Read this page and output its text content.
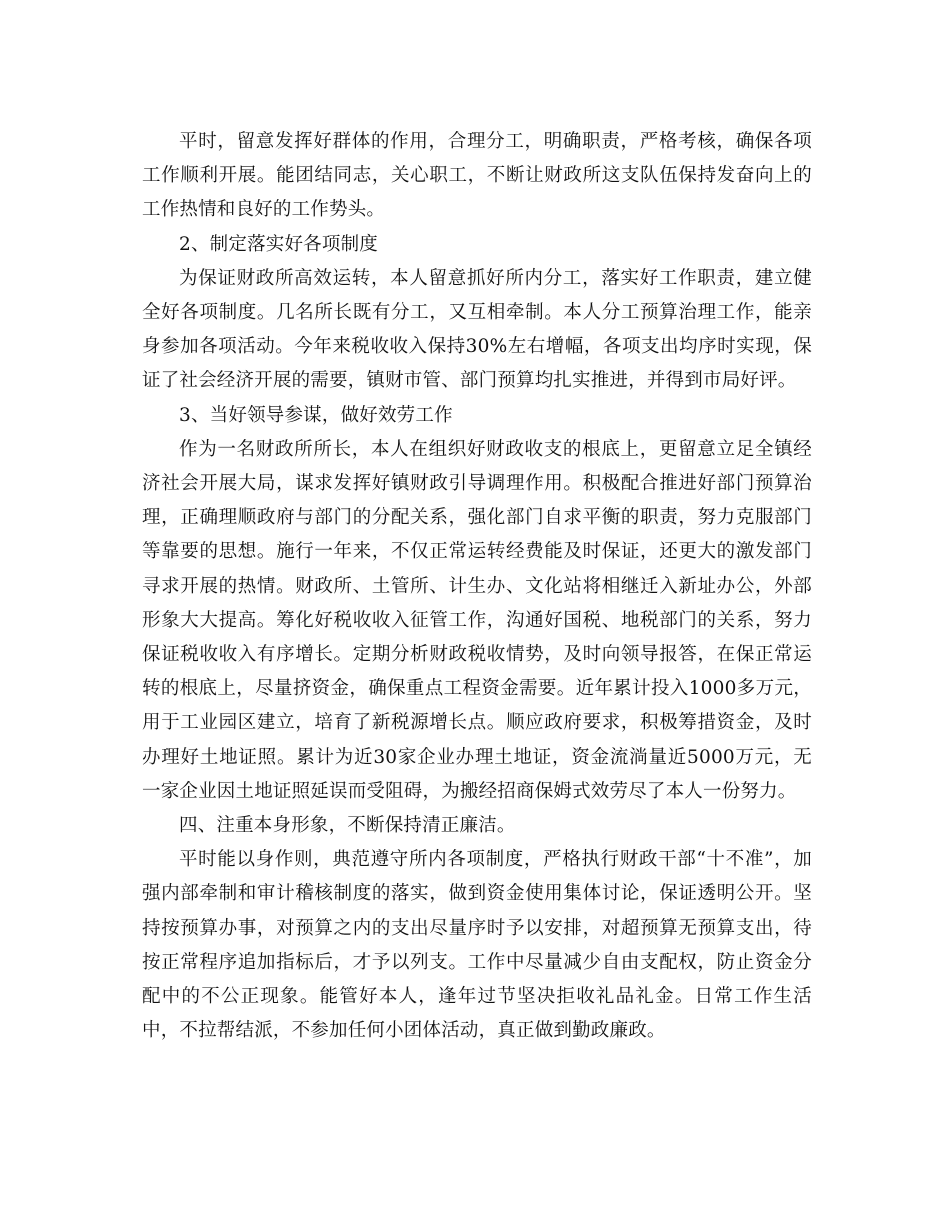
平时，留意发挥好群体的作用，合理分工，明确职责，严格考核，确保各项工作顺利开展。能团结同志，关心职工，不断让财政所这支队伍保持发奋向上的工作热情和良好的工作势头。

2、制定落实好各项制度

为保证财政所高效运转，本人留意抓好所内分工，落实好工作职责，建立健全好各项制度。几名所长既有分工，又互相牵制。本人分工预算治理工作，能亲身参加各项活动。今年来税收收入保持30%左右增幅，各项支出均序时实现，保证了社会经济开展的需要，镇财市管、部门预算均扎实推进，并得到市局好评。

3、当好领导参谋，做好效劳工作

作为一名财政所所长，本人在组织好财政收支的根底上，更留意立足全镇经济社会开展大局，谋求发挥好镇财政引导调理作用。积极配合推进好部门预算治理，正确理顺政府与部门的分配关系，强化部门自求平衡的职责，努力克服部门等靠要的思想。施行一年来，不仅正常运转经费能及时保证，还更大的激发部门寻求开展的热情。财政所、土管所、计生办、文化站将相继迁入新址办公，外部形象大大提高。筹化好税收收入征管工作，沟通好国税、地税部门的关系，努力保证税收收入有序增长。定期分析财政税收情势，及时向领导报答，在保正常运转的根底上，尽量挤资金，确保重点工程资金需要。近年累计投入1000多万元，用于工业园区建立，培育了新税源增长点。顺应政府要求，积极筹措资金，及时办理好土地证照。累计为近30家企业办理土地证，资金流淌量近5000万元，无一家企业因土地证照延误而受阻碍，为搬经招商保姆式效劳尽了本人一份努力。

四、注重本身形象，不断保持清正廉洁。

平时能以身作则，典范遵守所内各项制度，严格执行财政干部“十不准”，加强内部牵制和审计稽核制度的落实，做到资金使用集体讨论，保证透明公开。坚持按预算办事，对预算之内的支出尽量序时予以安排，对超预算无预算支出，待按正常程序追加指标后，才予以列支。工作中尽量减少自由支配权，防止资金分配中的不公正现象。能管好本人，逢年过节坚决拒收礼品礼金。日常工作生活中，不拉帮结派，不参加任何小团体活动，真正做到勤政廉政。
